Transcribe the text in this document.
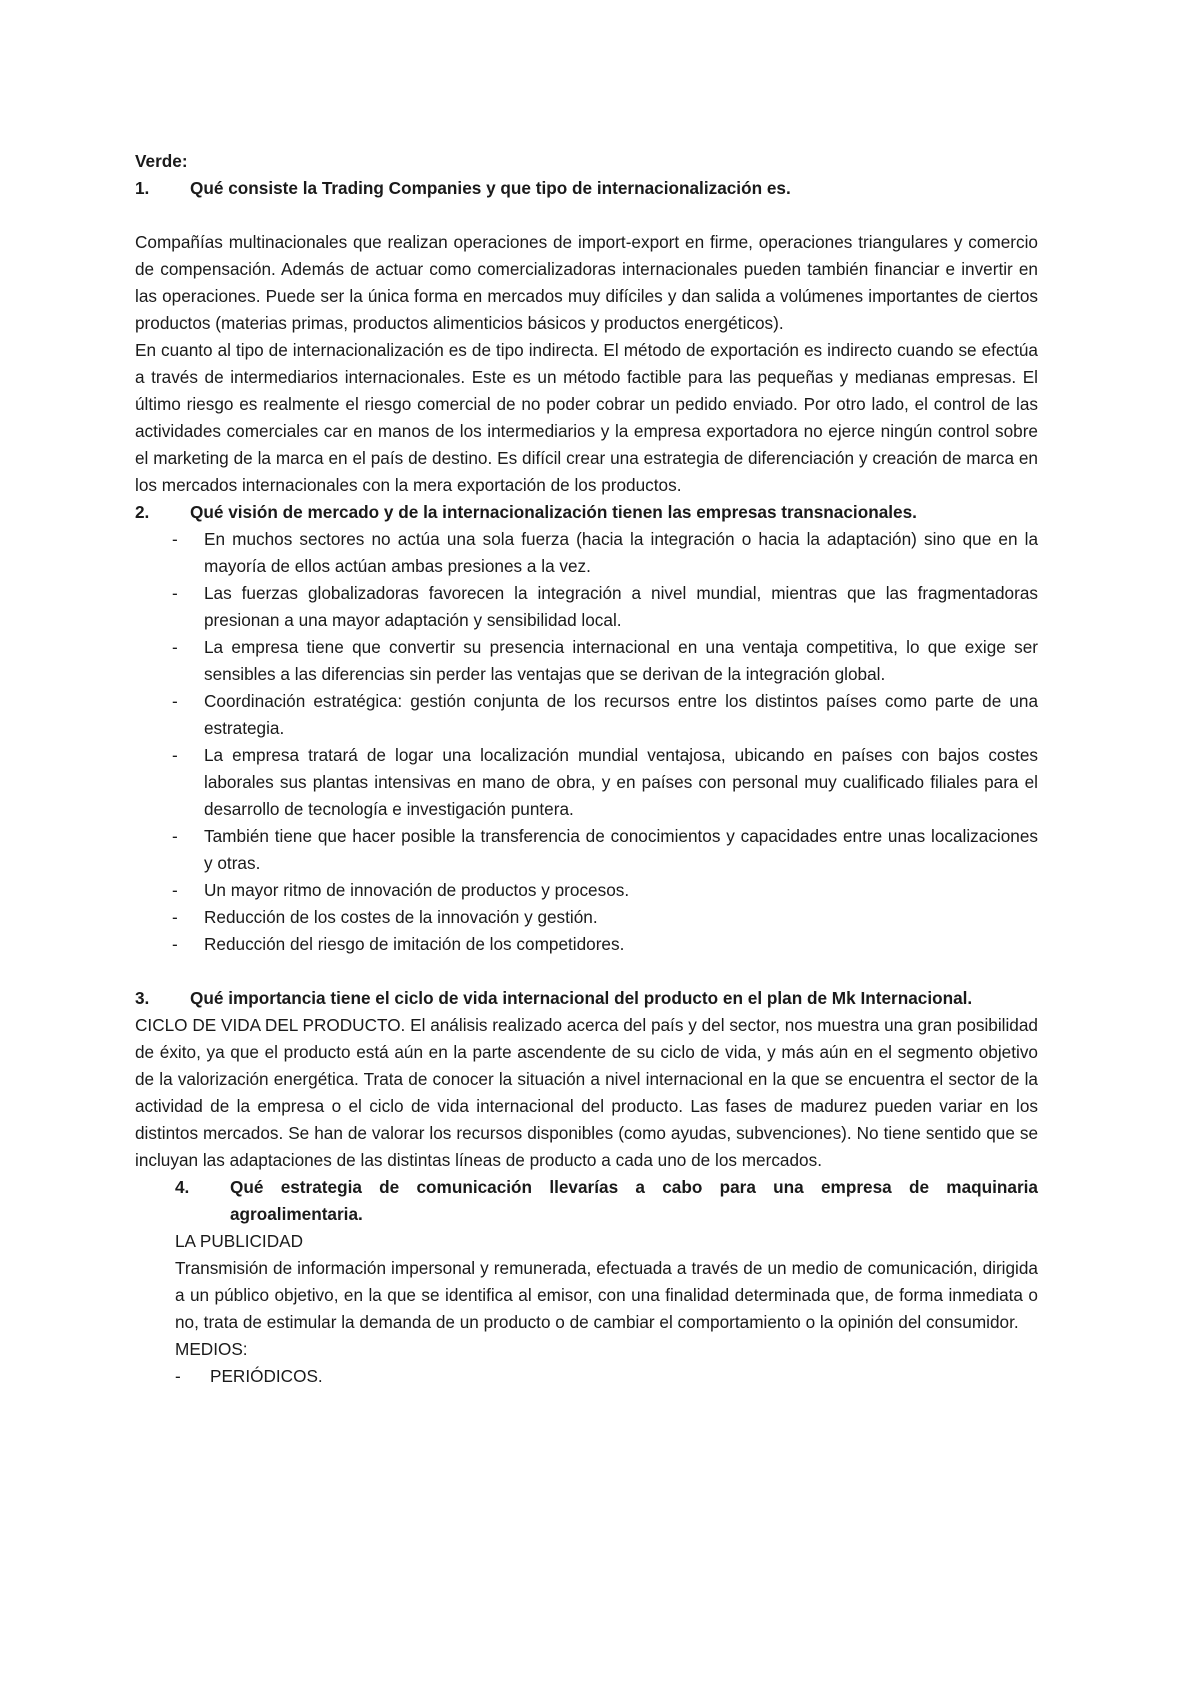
Verde:

1.	Qué consiste la Trading Companies y que tipo de internacionalización es.

Compañías multinacionales que realizan operaciones de import-export en firme, operaciones triangulares y comercio de compensación. Además de actuar como comercializadoras internacionales pueden también financiar e invertir en las operaciones. Puede ser la única forma en mercados muy difíciles y dan salida a volúmenes importantes de ciertos productos (materias primas, productos alimenticios básicos y productos energéticos).

En cuanto al tipo de internacionalización es de tipo indirecta. El método de exportación es indirecto cuando se efectúa a través de intermediarios internacionales. Este es un método factible para las pequeñas y medianas empresas. El último riesgo es realmente el riesgo comercial de no poder cobrar un pedido enviado. Por otro lado, el control de las actividades comerciales car en manos de los intermediarios y la empresa exportadora no ejerce ningún control sobre el marketing de la marca en el país de destino. Es difícil crear una estrategia de diferenciación y creación de marca en los mercados internacionales con la mera exportación de los productos.

2.	Qué visión de mercado y de la internacionalización tienen las empresas transnacionales.
-	En muchos sectores no actúa una sola fuerza (hacia la integración o hacia la adaptación) sino que en la mayoría de ellos actúan ambas presiones a la vez.
-	Las fuerzas globalizadoras favorecen la integración a nivel mundial, mientras que las fragmentadoras presionan a una mayor adaptación y sensibilidad local.
-	La empresa tiene que convertir su presencia internacional en una ventaja competitiva, lo que exige ser sensibles a las diferencias sin perder las ventajas que se derivan de la integración global.
-	Coordinación estratégica: gestión conjunta de los recursos entre los distintos países como parte de una estrategia.
-	La empresa tratará de logar una localización mundial ventajosa, ubicando en países con bajos costes laborales sus plantas intensivas en mano de obra, y en países con personal muy cualificado filiales para el desarrollo de tecnología e investigación puntera.
-	También tiene que hacer posible la transferencia de conocimientos y capacidades entre unas localizaciones y otras.
-	Un mayor ritmo de innovación de productos y procesos.
-	Reducción de los costes de la innovación y gestión.
-	Reducción del riesgo de imitación de los competidores.
3.	Qué importancia tiene el ciclo de vida internacional del producto en el plan de Mk Internacional.

CICLO DE VIDA DEL PRODUCTO. El análisis realizado acerca del país y del sector, nos muestra una gran posibilidad de éxito, ya que el producto está aún en la parte ascendente de su ciclo de vida, y más aún en el segmento objetivo de la valorización energética. Trata de conocer la situación a nivel internacional en la que se encuentra el sector de la actividad de la empresa o el ciclo de vida internacional del producto. Las fases de madurez pueden variar en los distintos mercados. Se han de valorar los recursos disponibles (como ayudas, subvenciones). No tiene sentido que se incluyan las adaptaciones de las distintas líneas de producto a cada uno de los mercados.

4.	Qué estrategia de comunicación llevarías a cabo para una empresa de maquinaria agroalimentaria.

LA PUBLICIDAD

Transmisión de información impersonal y remunerada, efectuada a través de un medio de comunicación, dirigida a un público objetivo, en la que se identifica al emisor, con una finalidad determinada que, de forma inmediata o no, trata de estimular la demanda de un producto o de cambiar el comportamiento o la opinión del consumidor.

MEDIOS:

-	PERIÓDICOS.
